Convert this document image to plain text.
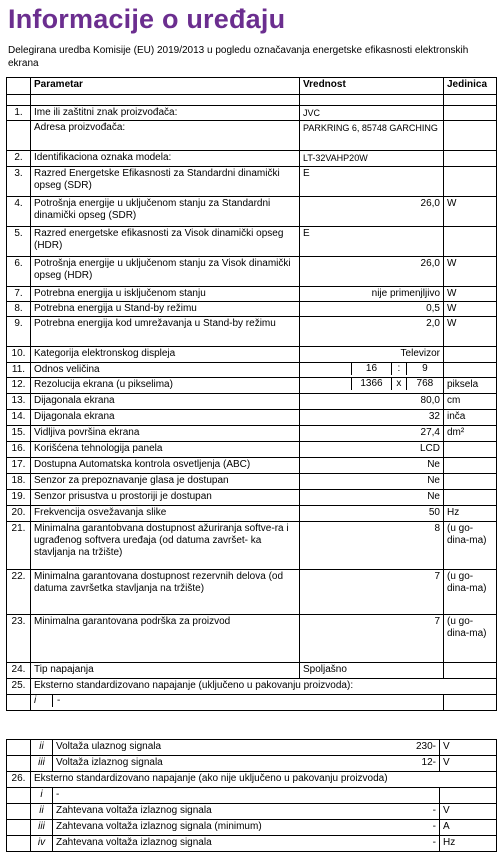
Informacije o uređaju
Delegirana uredba Komisije (EU) 2019/2013 u pogledu označavanja energetske efikasnosti elektronskih ekrana
	Parametar	Vrednost	Jedinica

1.	Ime ili zaštitni znak proizvođača:	JVC	
	Adresa proizvođača:	PARKRING 6, 85748 GARCHING	
2.	Identifikaciona oznaka modela:	LT-32VAHP20W	
3.	Razred Energetske Efikasnosti za Standardni dinamički opseg (SDR)	E	
4.	Potrošnja energije u uključenom stanju za Standardni dinamički opseg (SDR)	26,0	W
5.	Razred energetske efikasnosti za Visok dinamički opseg (HDR)	E	
6.	Potrošnja energije u uključenom stanju za Visok dinamički opseg (HDR)	26,0	W
7.	Potrebna energija u isključenom stanju	nije primenjljivo	W
8.	Potrebna energija u Stand-by režimu	0,5	W
9.	Potrebna energija kod umrežavanja u Stand-by režimu	2,0	W
10.	Kategorija elektronskog displeja	Televizor	
11.	Odnos veličina	16 : 9	

12.	Rezolucija ekrana (u pikselima)	1366 x 768	piksela
13.	Dijagonala ekrana	80,0	cm
14.	Dijagonala ekrana	32	inča
15.	Vidljiva površina ekrana	27,4	dm²
16.	Korišćena tehnologija panela	LCD	
17.	Dostupna Automatska kontrola osvetljenja (ABC)	Ne	
18.	Senzor za prepoznavanje glasa je dostupan	Ne	
19.	Senzor prisustva u prostoriji je dostupan	Ne	
20.	Frekvencija osvežavanja slike	50	Hz
21.	Minimalna garantobvana dostupnost ažuriranja softve-ra i ugrađenog softvera uređaja (od datuma završet- ka stavljanja na tržište)	8	(u go-dina-ma)
22.	Minimalna garantovana dostupnost rezervnih delova (od datuma završetka stavljanja na tržište)	7	(u go-dina-ma)
23.	Minimalna garantovana podrška za proizvod	7	(u go-dina-ma)
24.	Tip napajanja	Spoljašno	
25.	Eksterno standardizovano napajanje (uključeno u pakovanju proizvoda):		

	i -		

	ii	Voltaža ulaznog signala 230-	V
	iii	Voltaža izlaznog signala 12-	V
26.	Eksterno standardizovano napajanje (ako nije uključeno u pakovanju proizvoda)		
	i	-	
	ii	Zahtevana voltaža izlaznog signala -	V
	iii	Zahtevana voltaža izlaznog signala (minimum) -	A
	iv	Zahtevana voltaža izlaznog signala -	Hz
